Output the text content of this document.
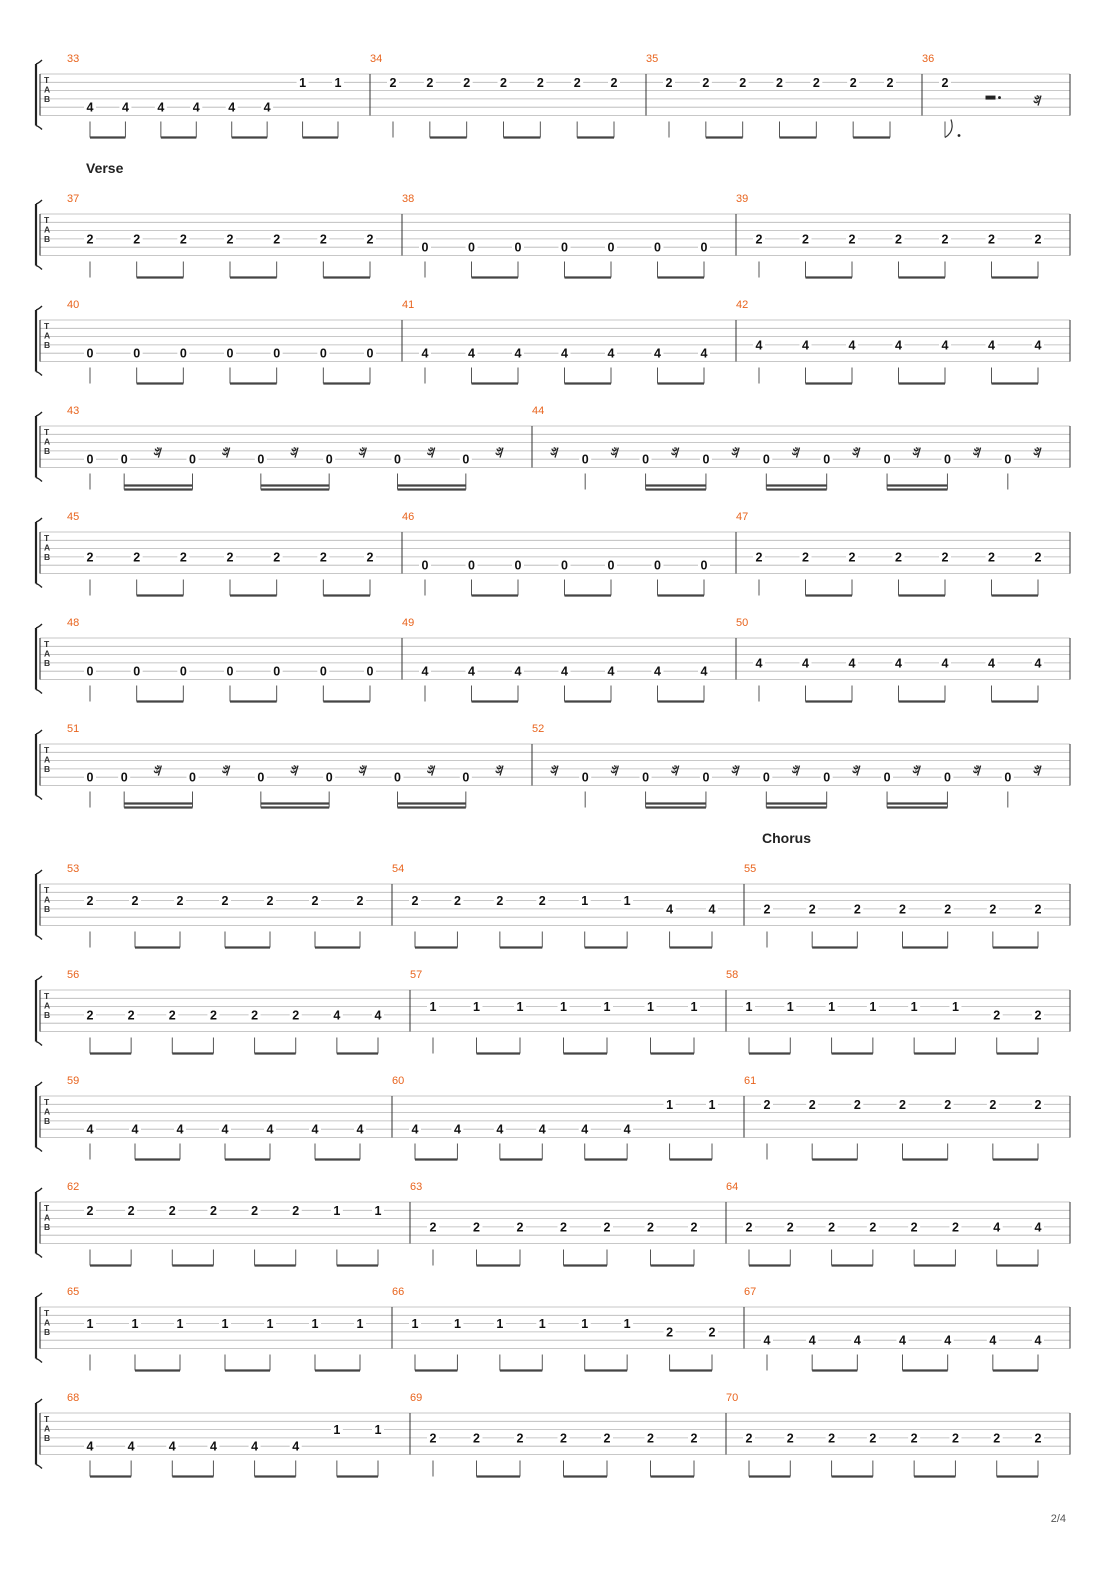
T
A
B
33
4 4 4 4 4 4
1 1
34
2 2 2 2 2 2 2
35
2 2 2 2 2 2 2
36
2
𝄿
Verse
T
A
B
37
2	2	2	2	2	2	2
38
0	0	0	0	0	0	0
39
2	2	2	2	2	2	2
T
A
B
40
0	0	0	0	0	0	0
41
4	4	4	4	4	4	4
42
4	4	4	4	4	4	4
T
A
B
43
0 0
𝄿
0
𝄿
0
𝄿
0
𝄿
0
𝄿
0
𝄿
44
𝄿
0
𝄿
0
𝄿
0
𝄿
0
𝄿
0
𝄿
0
𝄿
0
𝄿
0
𝄿
T
A
B
45
2	2	2	2	2	2	2
46
0	0	0	0	0	0	0
47
2	2	2	2	2	2	2
T
A
B
48
0	0	0	0	0	0	0
49
4	4	4	4	4	4	4
50
4	4	4	4	4	4	4
T
A
B
51
0 0
𝄿
0
𝄿
0
𝄿
0
𝄿
0
𝄿
0
𝄿
52
𝄿
0
𝄿
0
𝄿
0
𝄿
0
𝄿
0
𝄿
0
𝄿
0
𝄿
0
𝄿
T
A
B
53
2	2	2	2	2	2	2
54
2	2	2	2	1	1
4	4
55
Chorus
2	2	2	2	2	2	2
T
A
B
56
2	2	2	2	2	2	4	4
57
1	1	1	1	1	1	1
58
1	1	1	1	1	1
2	2
T
A
B
59
4	4	4	4	4	4	4
60
4	4	4	4	4	4
1	1
61
2	2	2	2	2	2	2
T
A
B
62
2	2	2	2	2	2	1	1
63
2	2	2	2	2	2	2
64
2	2	2	2	2	2	4	4
T
A
B
65
1	1	1	1	1	1	1
66
1	1	1	1	1	1
2	2
67
4	4	4	4	4	4	4
T
A
B
68
4	4	4	4	4	4
1	1
69
2	2	2	2	2	2	2
70
2	2	2	2	2	2	2	2
2/4
